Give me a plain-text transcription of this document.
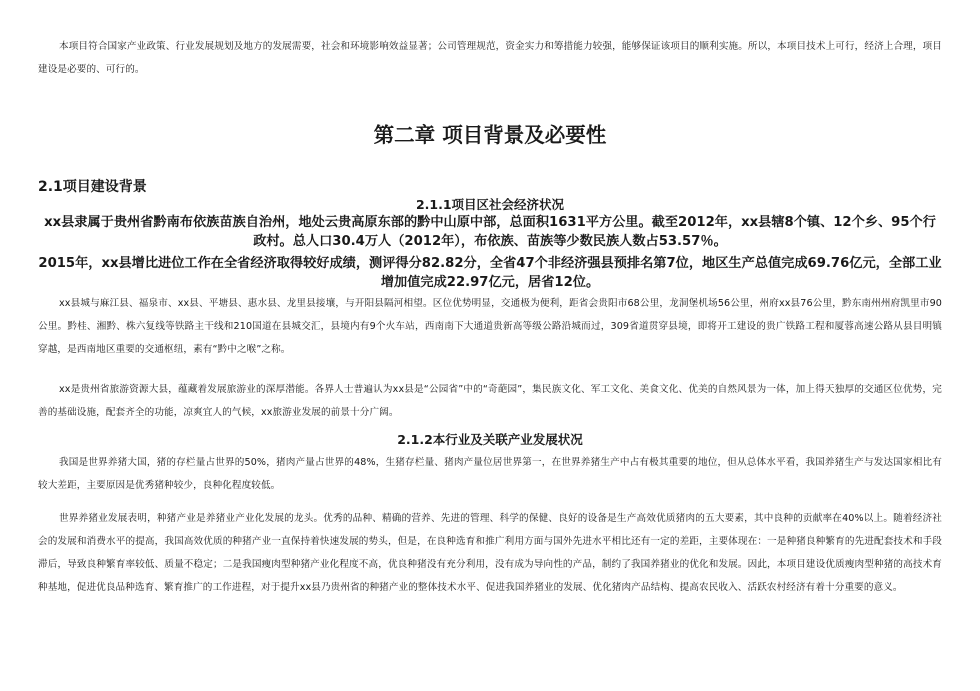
本项目符合国家产业政策、行业发展规划及地方的发展需要，社会和环境影响效益显著；公司管理规范，资金实力和筹措能力较强，能够保证该项目的顺利实施。所以，本项目技术上可行，经济上合理，项目建设是必要的、可行的。

第二章 项目背景及必要性
2.1项目建设背景
2.1.1项目区社会经济状况

xx县隶属于贵州省黔南布依族苗族自治州，地处云贵高原东部的黔中山原中部，总面积1631平方公里。截至2012年，xx县辖8个镇、12个乡、95个行政村。总人口30.4万人（2012年），布依族、苗族等少数民族人数占53.57％。

2015年，xx县增比进位工作在全省经济取得较好成绩，测评得分82.82分，全省47个非经济强县预排名第7位，地区生产总值完成69.76亿元，全部工业增加值完成22.97亿元，居省12位。

xx县城与麻江县、福泉市、xx县、平塘县、惠水县、龙里县接壤，与开阳县隔河相望。区位优势明显，交通极为便利，距省会贵阳市68公里，龙洞堡机场56公里，州府xx县76公里，黔东南州州府凯里市90公里。黔桂、湘黔、株六复线等铁路主干线和210国道在县城交汇，县境内有9个火车站，西南南下大通道贵新高等级公路沿城而过，309省道贯穿县境，即将开工建设的贵广铁路工程和厦蓉高速公路从县目明镇穿越，是西南地区重要的交通枢纽，素有“黔中之喉”之称。

xx是贵州省旅游资源大县，蕴藏着发展旅游业的深厚潜能。各界人士普遍认为xx县是“公园省”中的“奇葩园”，集民族文化、军工文化、美食文化、优美的自然风景为一体，加上得天独厚的交通区位优势，完善的基础设施，配套齐全的功能，凉爽宜人的气候，xx旅游业发展的前景十分广阔。

2.1.2本行业及关联产业发展状况

我国是世界养猪大国，猪的存栏量占世界的50%，猪肉产量占世界的48%，生猪存栏量、猪肉产量位居世界第一，在世界养猪生产中占有极其重要的地位，但从总体水平看，我国养猪生产与发达国家相比有较大差距，主要原因是优秀猪种较少，良种化程度较低。

世界养猪业发展表明，种猪产业是养猪业产业化发展的龙头。优秀的品种、精确的营养、先进的管理、科学的保健、良好的设备是生产高效优质猪肉的五大要素，其中良种的贡献率在40%以上。随着经济社会的发展和消费水平的提高，我国高效优质的种猪产业一直保持着快速发展的势头，但是，在良种选育和推广利用方面与国外先进水平相比还有一定的差距，主要体现在：一是种猪良种繁育的先进配套技术和手段滞后，导致良种繁育率较低、质量不稳定；二是我国瘦肉型种猪产业化程度不高，优良种猪没有充分利用，没有成为导向性的产品，制约了我国养猪业的优化和发展。因此，本项目建设优质瘦肉型种猪的高技术育种基地，促进优良品种选育、繁育推广的工作进程，对于提升xx县乃贵州省的种猪产业的整体技术水平、促进我国养猪业的发展、优化猪肉产品结构、提高农民收入、活跃农村经济有着十分重要的意义。
